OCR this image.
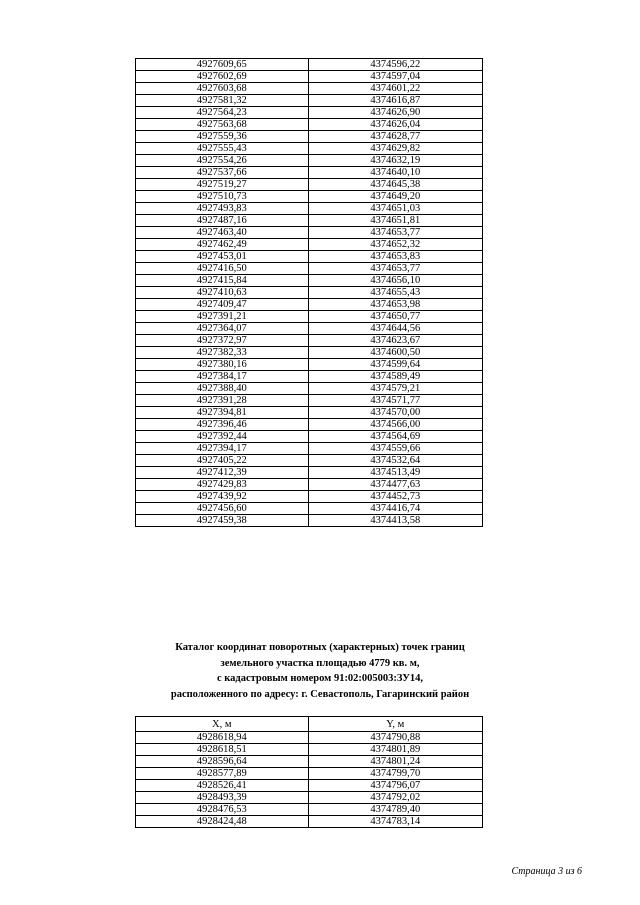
4927609,65	4374596,22
4927602,69	4374597,04
4927603,68	4374601,22
4927581,32	4374616,87
4927564,23	4374626,90
4927563,68	4374626,04
4927559,36	4374628,77
4927555,43	4374629,82
4927554,26	4374632,19
4927537,66	4374640,10
4927519,27	4374645,38
4927510,73	4374649,20
4927493,83	4374651,03
4927487,16	4374651,81
4927463,40	4374653,77
4927462,49	4374652,32
4927453,01	4374653,83
4927416,50	4374653,77
4927415,84	4374656,10
4927410,63	4374655,43
4927409,47	4374653,98
4927391,21	4374650,77
4927364,07	4374644,56
4927372,97	4374623,67
4927382,33	4374600,50
4927380,16	4374599,64
4927384,17	4374589,49
4927388,40	4374579,21
4927391,28	4374571,77
4927394,81	4374570,00
4927396,46	4374566,00
4927392,44	4374564,69
4927394,17	4374559,66
4927405,22	4374532,64
4927412,39	4374513,49
4927429,83	4374477,63
4927439,92	4374452,73
4927456,60	4374416,74
4927459,38	4374413,58
Каталог координат поворотных (характерных) точек границ
земельного участка площадью 4779 кв. м,
с кадастровым номером 91:02:005003:ЗУ14,
расположенного по адресу: г. Севастополь, Гагаринский район
X, м	Y, м
4928618,94	4374790,88
4928618,51	4374801,89
4928596,64	4374801,24
4928577,89	4374799,70
4928526,41	4374796,07
4928493,39	4374792,02
4928476,53	4374789,40
4928424,48	4374783,14
Страница 3 из 6
